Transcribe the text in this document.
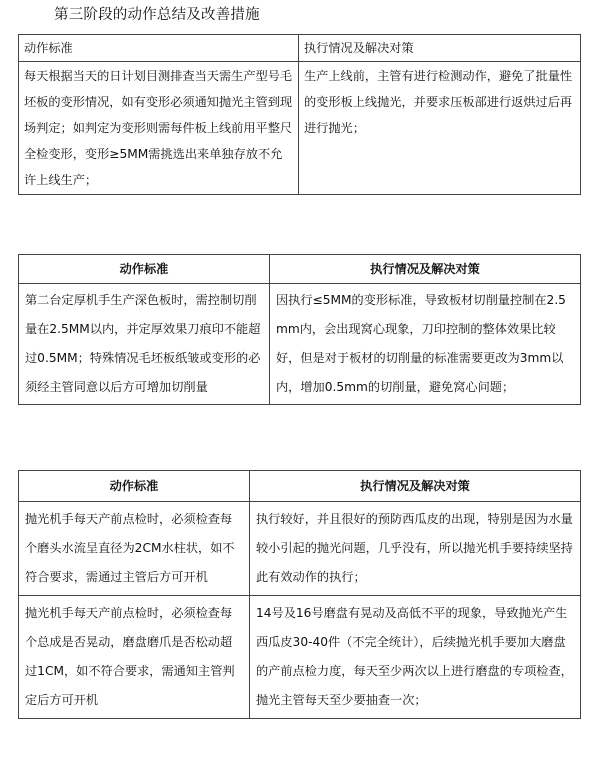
第三阶段的动作总结及改善措施
动作标准	执行情况及解决对策
每天根据当天的日计划目测排查当天需生产型号毛坯板的变形情况，如有变形必须通知抛光主管到现场判定；如判定为变形则需每件板上线前用平整尺全检变形，变形≥5MM需挑选出来单独存放不允许上线生产；	生产上线前，主管有进行检测动作，避免了批量性的变形板上线抛光，并要求压板部进行返烘过后再进行抛光；
动作标准	执行情况及解决对策
第二台定厚机手生产深色板时，需控制切削量在2.5MM以内，并定厚效果刀痕印不能超过0.5MM；特殊情况毛坯板纸皱或变形的必须经主管同意以后方可增加切削量	因执行≤5MM的变形标准，导致板材切削量控制在2.5mm内，会出现窝心现象，刀印控制的整体效果比较好，但是对于板材的切削量的标准需要更改为3mm以内，增加0.5mm的切削量，避免窝心问题；
动作标准	执行情况及解决对策
抛光机手每天产前点检时，必须检查每个磨头水流呈直径为2CM水柱状，如不符合要求，需通过主管后方可开机	执行较好，并且很好的预防西瓜皮的出现，特别是因为水量较小引起的抛光问题，几乎没有，所以抛光机手要持续坚持此有效动作的执行；
抛光机手每天产前点检时，必须检查每个总成是否晃动，磨盘磨爪是否松动超过1CM，如不符合要求，需通知主管判定后方可开机	14号及16号磨盘有晃动及高低不平的现象，导致抛光产生西瓜皮30-40件（不完全统计），后续抛光机手要加大磨盘的产前点检力度，每天至少两次以上进行磨盘的专项检查，抛光主管每天至少要抽查一次；
